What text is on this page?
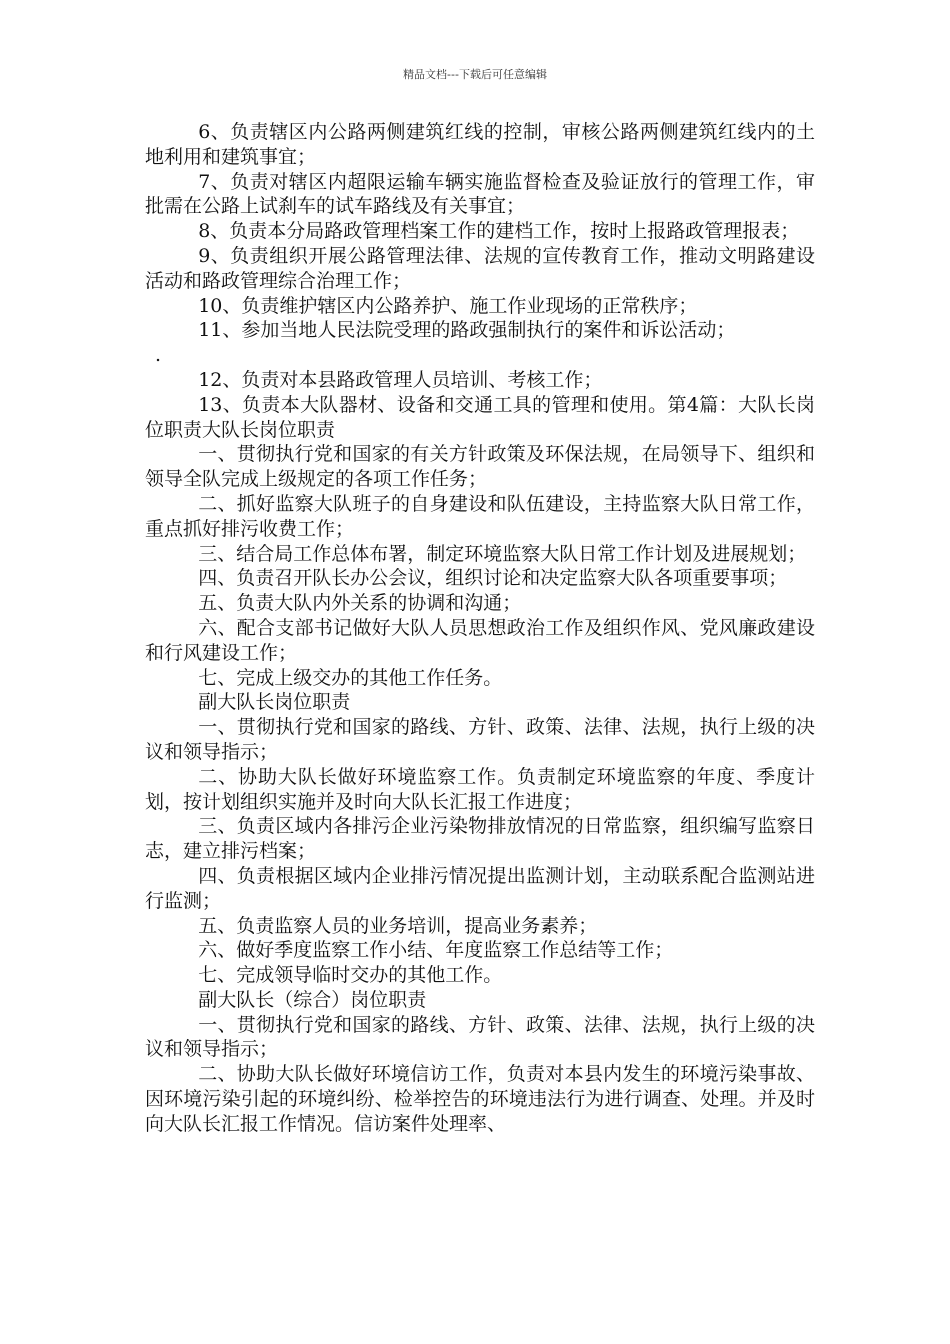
精品文档---下载后可任意编辑

6、负责辖区内公路两侧建筑红线的控制，审核公路两侧建筑红线内的土地利用和建筑事宜；

7、负责对辖区内超限运输车辆实施监督检查及验证放行的管理工作，审批需在公路上试刹车的试车路线及有关事宜；

8、负责本分局路政管理档案工作的建档工作，按时上报路政管理报表；

9、负责组织开展公路管理法律、法规的宣传教育工作，推动文明路建设活动和路政管理综合治理工作；

10、负责维护辖区内公路养护、施工作业现场的正常秩序；

11、参加当地人民法院受理的路政强制执行的案件和诉讼活动；

.

12、负责对本县路政管理人员培训、考核工作；

13、负责本大队器材、设备和交通工具的管理和使用。第4篇：大队长岗位职责大队长岗位职责

一、贯彻执行党和国家的有关方针政策及环保法规，在局领导下、组织和领导全队完成上级规定的各项工作任务；

二、抓好监察大队班子的自身建设和队伍建设，主持监察大队日常工作，重点抓好排污收费工作；

三、结合局工作总体布署，制定环境监察大队日常工作计划及进展规划；

四、负责召开队长办公会议，组织讨论和决定监察大队各项重要事项；

五、负责大队内外关系的协调和沟通；

六、配合支部书记做好大队人员思想政治工作及组织作风、党风廉政建设和行风建设工作；

七、完成上级交办的其他工作任务。

副大队长岗位职责

一、贯彻执行党和国家的路线、方针、政策、法律、法规，执行上级的决议和领导指示；

二、协助大队长做好环境监察工作。负责制定环境监察的年度、季度计划，按计划组织实施并及时向大队长汇报工作进度；

三、负责区域内各排污企业污染物排放情况的日常监察，组织编写监察日志，建立排污档案；

四、负责根据区域内企业排污情况提出监测计划，主动联系配合监测站进行监测；

五、负责监察人员的业务培训，提高业务素养；

六、做好季度监察工作小结、年度监察工作总结等工作；

七、完成领导临时交办的其他工作。

副大队长（综合）岗位职责

一、贯彻执行党和国家的路线、方针、政策、法律、法规，执行上级的决议和领导指示；

二、协助大队长做好环境信访工作，负责对本县内发生的环境污染事故、因环境污染引起的环境纠纷、检举控告的环境违法行为进行调查、处理。并及时向大队长汇报工作情况。信访案件处理率、
